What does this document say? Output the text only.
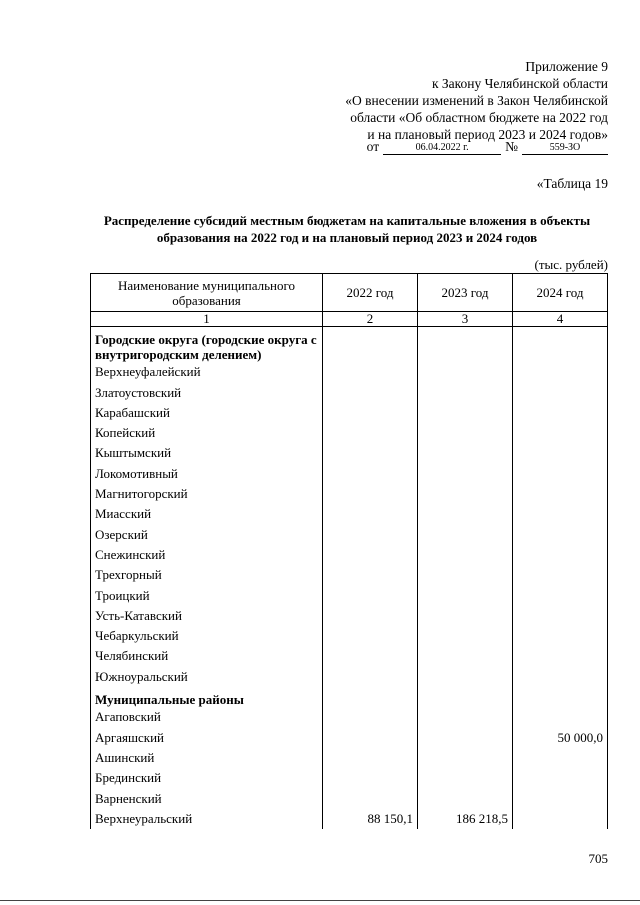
Приложение 9
к Закону Челябинской области
«О внесении изменений в Закон Челябинской
области «Об областном бюджете на 2022 год
и на плановый период 2023 и 2024 годов»
от	06.04.2022 г.	№	559-ЗО
«Таблица 19
Распределение субсидий местным бюджетам на капитальные вложения в объекты образования на 2022 год и на плановый период 2023 и 2024 годов
(тыс. рублей)
Наименование муниципального образования	2022 год	2023 год	2024 год
1	2	3	4
Городские округа (городские округа с внутригородским делением)			
Верхнеуфалейский			
Златоустовский			
Карабашский			
Копейский			
Кыштымский			
Локомотивный			
Магнитогорский			
Миасский			
Озерский			
Снежинский			
Трехгорный			
Троицкий			
Усть-Катавский			
Чебаркульский			
Челябинский			
Южноуральский			
Муниципальные районы			
Агаповский			
Аргаяшский			50 000,0
Ашинский			
Брединский			
Варненский			
Верхнеуральский	88 150,1	186 218,5	
705
